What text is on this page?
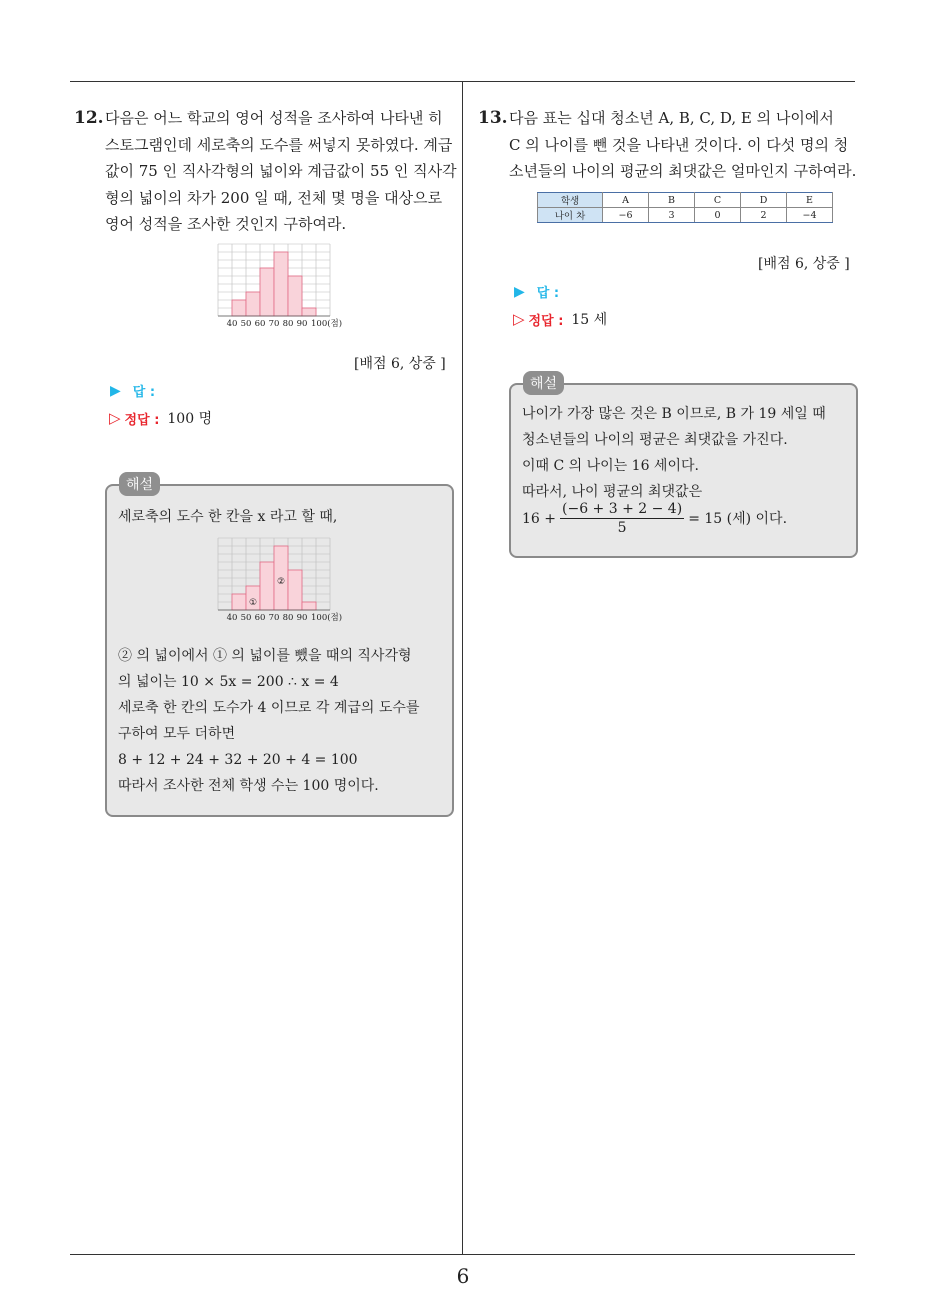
6
12. 다음은 어느 학교의 영어 성적을 조사하여 나타낸 히

스토그램인데 세로축의 도수를 써넣지 못하였다. 계급

값이 75 인 직사각형의 넓이와 계급값이 55 인 직사각

형의 넓이의 차가 200 일 때, 전체 몇 명을 대상으로

영어 성적을 조사한 것인지 구하여라.

40 50 60 70 80 90 100(점)
[배점 6, 상중 ]
▶ 답 :
▷ 정답 : 100 명
해설

세로축의 도수 한 칸을 x 라고 할 때,

40 50 60 70 80 90 100(점)
①
②

② 의 넓이에서 ① 의 넓이를 뺐을 때의 직사각형

의 넓이는 10 × 5x = 200 ∴ x = 4

세로축 한 칸의 도수가 4 이므로 각 계급의 도수를

구하여 모두 더하면

8 + 12 + 24 + 32 + 20 + 4 = 100

따라서 조사한 전체 학생 수는 100 명이다.

13. 다음 표는 십대 청소년 A, B, C, D, E 의 나이에서

C 의 나이를 뺀 것을 나타낸 것이다. 이 다섯 명의 청

소년들의 나이의 평균의 최댓값은 얼마인지 구하여라.

학생	A	B	C	D	E
나이 차	−6	3	0	2	−4
[배점 6, 상중 ]
▶ 답 :
▷ 정답 : 15 세
해설

나이가 가장 많은 것은 B 이므로, B 가 19 세일 때

청소년들의 나이의 평균은 최댓값을 가진다.

이때 C 의 나이는 16 세이다.

따라서, 나이 평균의 최댓값은

$16 + \frac{(-6 + 3 + 2 - 4)}{5} = 15$ (세) 이다.
